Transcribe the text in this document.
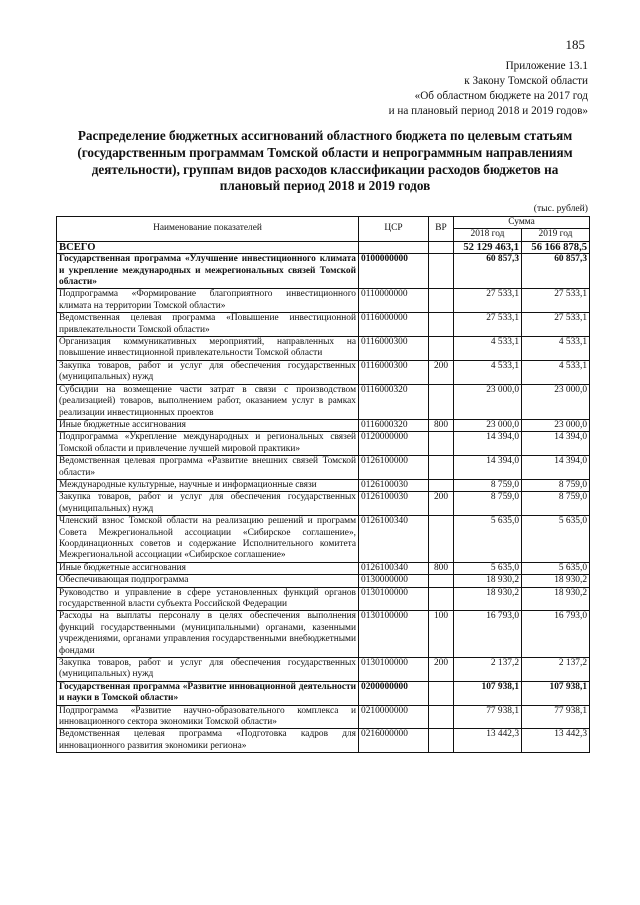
185
Приложение 13.1
к Закону Томской области
«Об областном бюджете на 2017 год
и на плановый период 2018 и 2019 годов»
Распределение бюджетных ассигнований областного бюджета по целевым статьям (государственным программам Томской области и непрограммным направлениям деятельности), группам видов расходов классификации расходов бюджетов на плановый период 2018 и 2019 годов
(тыс. рублей)
Наименование показателей	ЦСР	ВР	Сумма	
			2018 год	2019 год
ВСЕГО			52 129 463,1	56 166 878,5
Государственная программа «Улучшение инвестиционного климата и укрепление международных и межрегиональных связей Томской области»	0100000000		60 857,3	60 857,3
Подпрограмма «Формирование благоприятного инвестиционного климата на территории Томской области»	0110000000		27 533,1	27 533,1
Ведомственная целевая программа «Повышение инвестиционной привлекательности Томской области»	0116000000		27 533,1	27 533,1
Организация коммуникативных мероприятий, направленных на повышение инвестиционной привлекательности Томской области	0116000300		4 533,1	4 533,1
Закупка товаров, работ и услуг для обеспечения государственных (муниципальных) нужд	0116000300	200	4 533,1	4 533,1
Субсидии на возмещение части затрат в связи с производством (реализацией) товаров, выполнением работ, оказанием услуг в рамках реализации инвестиционных проектов	0116000320		23 000,0	23 000,0
Иные бюджетные ассигнования	0116000320	800	23 000,0	23 000,0
Подпрограмма «Укрепление международных и региональных связей Томской области и привлечение лучшей мировой практики»	0120000000		14 394,0	14 394,0
Ведомственная целевая программа «Развитие внешних связей Томской области»	0126100000		14 394,0	14 394,0
Международные культурные, научные и информационные связи	0126100030		8 759,0	8 759,0
Закупка товаров, работ и услуг для обеспечения государственных (муниципальных) нужд	0126100030	200	8 759,0	8 759,0
Членский взнос Томской области на реализацию решений и программ Совета Межрегиональной ассоциации «Сибирское соглашение», Координационных советов и содержание Исполнительного комитета Межрегиональной ассоциации «Сибирское соглашение»	0126100340		5 635,0	5 635,0
Иные бюджетные ассигнования	0126100340	800	5 635,0	5 635,0
Обеспечивающая подпрограмма	0130000000		18 930,2	18 930,2
Руководство и управление в сфере установленных функций органов государственной власти субъекта Российской Федерации	0130100000		18 930,2	18 930,2
Расходы на выплаты персоналу в целях обеспечения выполнения функций государственными (муниципальными) органами, казенными учреждениями, органами управления государственными внебюджетными фондами	0130100000	100	16 793,0	16 793,0
Закупка товаров, работ и услуг для обеспечения государственных (муниципальных) нужд	0130100000	200	2 137,2	2 137,2
Государственная программа «Развитие инновационной деятельности и науки в Томской области»	0200000000		107 938,1	107 938,1
Подпрограмма «Развитие научно-образовательного комплекса и инновационного сектора экономики Томской области»	0210000000		77 938,1	77 938,1
Ведомственная целевая программа «Подготовка кадров для инновационного развития экономики региона»	0216000000		13 442,3	13 442,3
